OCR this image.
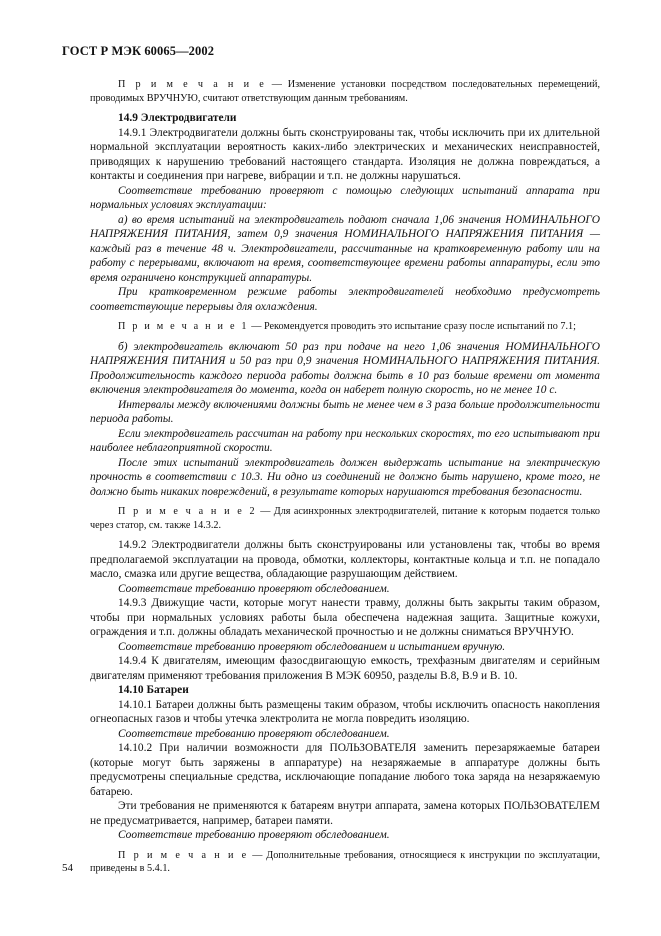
ГОСТ Р МЭК 60065—2002

П р и м е ч а н и е — Изменение установки посредством последовательных перемещений, проводимых ВРУЧНУЮ, считают ответствующим данным требованиям.

14.9 Электродвигатели

14.9.1 Электродвигатели должны быть сконструированы так, чтобы исключить при их длительной нормальной эксплуатации вероятность каких-либо электрических и механических неисправностей, приводящих к нарушению требований настоящего стандарта. Изоляция не должна повреждаться, а контакты и соединения при нагреве, вибрации и т.п. не должны нарушаться.

Соответствие требованию проверяют с помощью следующих испытаний аппарата при нормальных условиях эксплуатации:

а) во время испытаний на электродвигатель подают сначала 1,06 значения НОМИНАЛЬНОГО НАПРЯЖЕНИЯ ПИТАНИЯ, затем 0,9 значения НОМИНАЛЬНОГО НАПРЯЖЕНИЯ ПИТАНИЯ — каждый раз в течение 48 ч. Электродвигатели, рассчитанные на кратковременную работу или на работу с перерывами, включают на время, соответствующее времени работы аппаратуры, если это время ограничено конструкцией аппаратуры.

При кратковременном режиме работы электродвигателей необходимо предусмотреть соответствующие перерывы для охлаждения.

П р и м е ч а н и е 1 — Рекомендуется проводить это испытание сразу после испытаний по 7.1;

б) электродвигатель включают 50 раз при подаче на него 1,06 значения НОМИНАЛЬНОГО НАПРЯЖЕНИЯ ПИТАНИЯ и 50 раз при 0,9 значения НОМИНАЛЬНОГО НАПРЯЖЕНИЯ ПИТАНИЯ. Продолжительность каждого периода работы должна быть в 10 раз больше времени от момента включения электродвигателя до момента, когда он наберет полную скорость, но не менее 10 с.

Интервалы между включениями должны быть не менее чем в 3 раза больше продолжительности периода работы.

Если электродвигатель рассчитан на работу при нескольких скоростях, то его испытывают при наиболее неблагоприятной скорости.

После этих испытаний электродвигатель должен выдержать испытание на электрическую прочность в соответствии с 10.3. Ни одно из соединений не должно быть нарушено, кроме того, не должно быть никаких повреждений, в результате которых нарушаются требования безопасности.

П р и м е ч а н и е 2 — Для асинхронных электродвигателей, питание к которым подается только через статор, см. также 14.3.2.

14.9.2 Электродвигатели должны быть сконструированы или установлены так, чтобы во время предполагаемой эксплуатации на провода, обмотки, коллекторы, контактные кольца и т.п. не попадало масло, смазка или другие вещества, обладающие разрушающим действием.

Соответствие требованию проверяют обследованием.

14.9.3 Движущие части, которые могут нанести травму, должны быть закрыты таким образом, чтобы при нормальных условиях работы была обеспечена надежная защита. Защитные кожухи, ограждения и т.п. должны обладать механической прочностью и не должны сниматься ВРУЧНУЮ.

Соответствие требованию проверяют обследованием и испытанием вручную.

14.9.4 К двигателям, имеющим фазосдвигающую емкость, трехфазным двигателям и серийным двигателям применяют требования приложения В МЭК 60950, разделы В.8, В.9 и В. 10.

14.10 Батареи

14.10.1 Батареи должны быть размещены таким образом, чтобы исключить опасность накопления огнеопасных газов и чтобы утечка электролита не могла повредить изоляцию.

Соответствие требованию проверяют обследованием.

14.10.2 При наличии возможности для ПОЛЬЗОВАТЕЛЯ заменить перезаряжаемые батареи (которые могут быть заряжены в аппаратуре) на незаряжаемые в аппаратуре должны быть предусмотрены специальные средства, исключающие попадание любого тока заряда на незаряжаемую батарею.

Эти требования не применяются к батареям внутри аппарата, замена которых ПОЛЬЗОВАТЕЛЕМ не предусматривается, например, батареи памяти.

Соответствие требованию проверяют обследованием.

П р и м е ч а н и е — Дополнительные требования, относящиеся к инструкции по эксплуатации, приведены в 5.4.1.

54
